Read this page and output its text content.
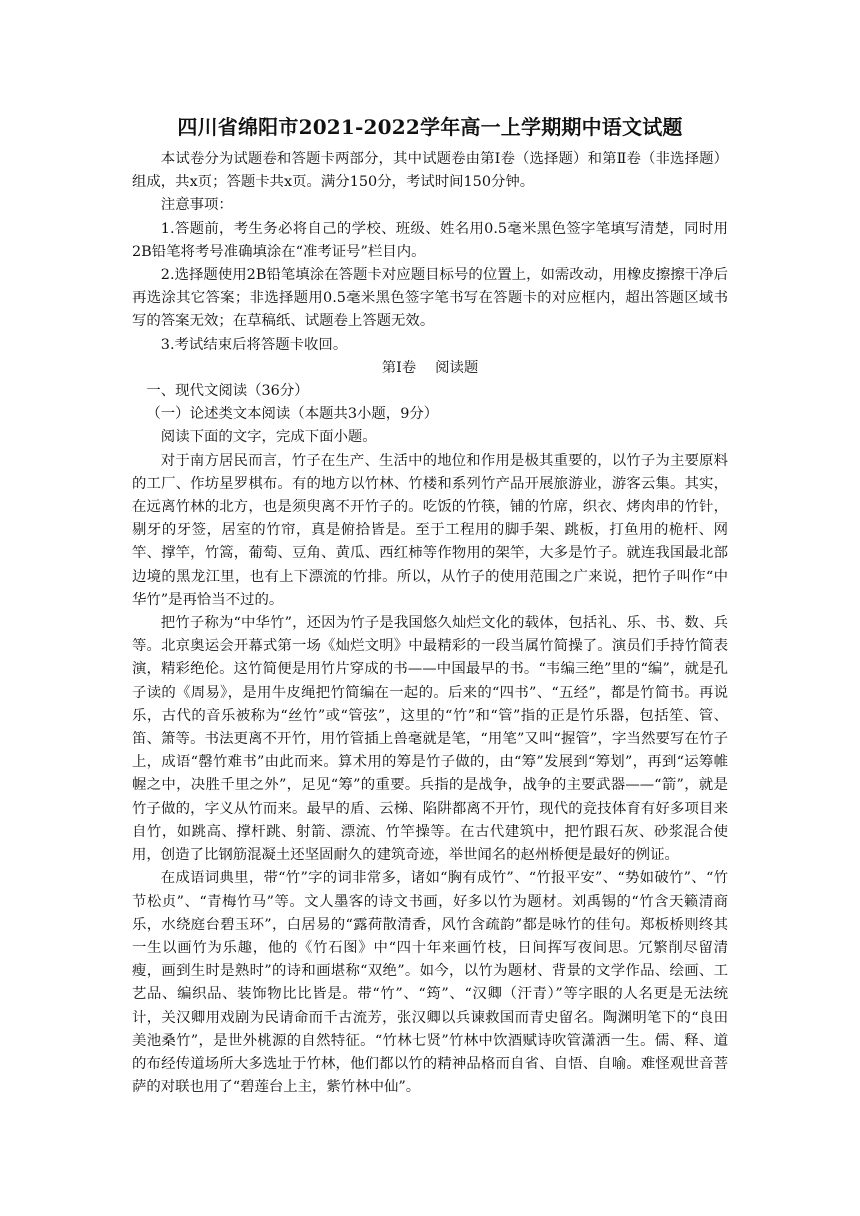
四川省绵阳市2021-2022学年高一上学期期中语文试题

本试卷分为试题卷和答题卡两部分，其中试题卷由第Ⅰ卷（选择题）和第Ⅱ卷（非选择题）组成，共x页；答题卡共x页。满分150分，考试时间150分钟。

注意事项：

1.答题前，考生务必将自己的学校、班级、姓名用0.5毫米黑色签字笔填写清楚，同时用2B铅笔将考号准确填涂在“准考证号”栏目内。

2.选择题使用2B铅笔填涂在答题卡对应题目标号的位置上，如需改动，用橡皮擦擦干净后再选涂其它答案；非选择题用0.5毫米黑色签字笔书写在答题卡的对应框内，超出答题区域书写的答案无效；在草稿纸、试题卷上答题无效。

3.考试结束后将答题卡收回。

第Ⅰ卷　 阅读题

一、现代文阅读（36分）

（一）论述类文本阅读（本题共3小题，9分）

阅读下面的文字，完成下面小题。

对于南方居民而言，竹子在生产、生活中的地位和作用是极其重要的，以竹子为主要原料的工厂、作坊星罗棋布。有的地方以竹林、竹楼和系列竹产品开展旅游业，游客云集。其实，在远离竹林的北方，也是须臾离不开竹子的。吃饭的竹筷，铺的竹席，织衣、烤肉串的竹针，剔牙的牙签，居室的竹帘，真是俯拾皆是。至于工程用的脚手架、跳板，打鱼用的桅杆、网竿、撑竿，竹篙，葡萄、豆角、黄瓜、西红柿等作物用的架竿，大多是竹子。就连我国最北部边境的黑龙江里，也有上下漂流的竹排。所以，从竹子的使用范围之广来说，把竹子叫作“中华竹”是再恰当不过的。

把竹子称为“中华竹”，还因为竹子是我国悠久灿烂文化的载体，包括礼、乐、书、数、兵等。北京奥运会开幕式第一场《灿烂文明》中最精彩的一段当属竹简操了。演员们手持竹简表演，精彩绝伦。这竹简便是用竹片穿成的书——中国最早的书。“韦编三绝”里的“编”，就是孔子读的《周易》，是用牛皮绳把竹简编在一起的。后来的“四书”、“五经”，都是竹简书。再说乐，古代的音乐被称为“丝竹”或“管弦”，这里的“竹”和“管”指的正是竹乐器，包括笙、管、笛、箫等。书法更离不开竹，用竹管插上兽毫就是笔，“用笔”又叫“握管”，字当然要写在竹子上，成语“罄竹难书”由此而来。算术用的筹是竹子做的，由“筹”发展到“筹划”，再到“运筹帷幄之中，决胜千里之外”，足见“筹”的重要。兵指的是战争，战争的主要武器——“箭”，就是竹子做的，字义从竹而来。最早的盾、云梯、陷阱都离不开竹，现代的竞技体育有好多项目来自竹，如跳高、撑杆跳、射箭、漂流、竹竿操等。在古代建筑中，把竹跟石灰、砂浆混合使用，创造了比钢筋混凝土还坚固耐久的建筑奇迹，举世闻名的赵州桥便是最好的例证。

在成语词典里，带“竹”字的词非常多，诸如“胸有成竹”、“竹报平安”、“势如破竹”、“竹节松贞”、“青梅竹马”等。文人墨客的诗文书画，好多以竹为题材。刘禹锡的“竹含天籁清商乐，水绕庭台碧玉环”，白居易的“露荷散清香，风竹含疏韵”都是咏竹的佳句。郑板桥则终其一生以画竹为乐趣，他的《竹石图》中“四十年来画竹枝，日间挥写夜间思。冗繁削尽留清瘦，画到生时是熟时”的诗和画堪称“双绝”。如今，以竹为题材、背景的文学作品、绘画、工艺品、编织品、装饰物比比皆是。带“竹”、“筠”、“汉卿（汗青）”等字眼的人名更是无法统计，关汉卿用戏剧为民请命而千古流芳，张汉卿以兵谏救国而青史留名。陶渊明笔下的“良田美池桑竹”，是世外桃源的自然特征。“竹林七贤”竹林中饮酒赋诗吹管潇洒一生。儒、释、道的布经传道场所大多选址于竹林，他们都以竹的精神品格而自省、自悟、自喻。难怪观世音菩萨的对联也用了“碧莲台上主，紫竹林中仙”。
